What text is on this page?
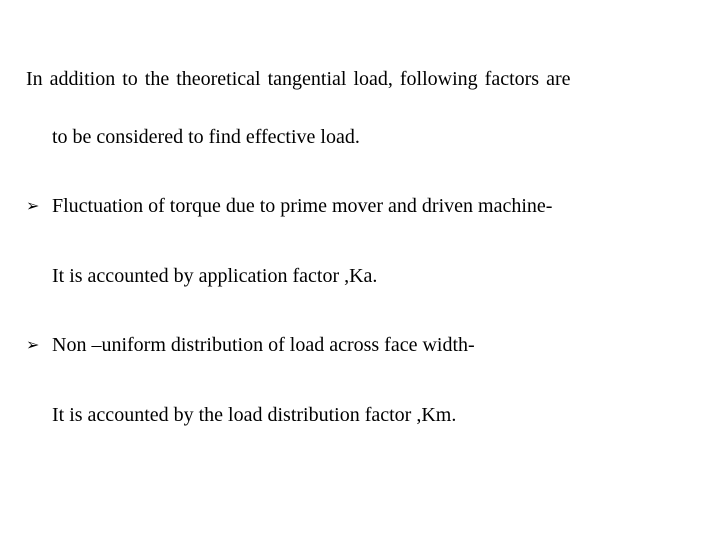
In addition to the theoretical tangential load, following factors are
to be considered to find effective load.
➢ Fluctuation of torque due to prime mover and driven machine-
It is accounted by application factor ,Ka.
➢ Non –uniform distribution of load across face width-
It is accounted by the load distribution factor ,Km.
